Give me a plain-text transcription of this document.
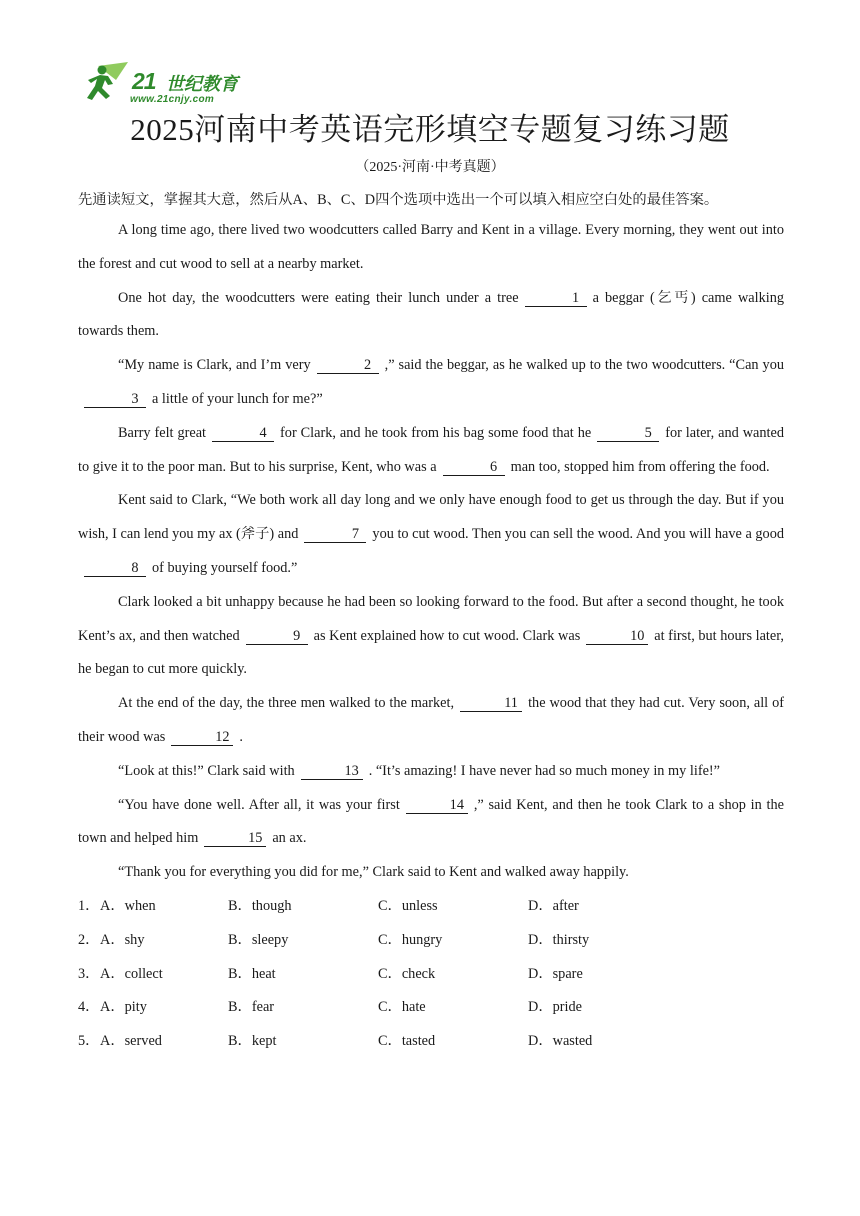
21 世纪教育
www.21cnjy.com
2025河南中考英语完形填空专题复习练习题
（2025·河南·中考真题）

先通读短文，掌握其大意，然后从A、B、C、D四个选项中选出一个可以填入相应空白处的最佳答案。

A long time ago, there lived two woodcutters called Barry and Kent in a village. Every morning, they went out into the forest and cut wood to sell at a nearby market.

One hot day, the woodcutters were eating their lunch under a tree	1 a beggar (乞丐) came walking towards them.

“My name is Clark, and I’m very	2 ,” said the beggar, as he walked up to the two woodcutters. “Can you3 a little of your lunch for me?”

Barry felt great	4 for Clark, and he took from his bag some food that he	5 for later, and wanted to give it to the poor man. But to his surprise, Kent, who was a	6 man too, stopped him from offering the food.

Kent said to Clark, “We both work all day long and we only have enough food to get us through the day. But if you wish, I can lend you my ax (斧子) and	7 you to cut wood. Then you can sell the wood. And you will have a good8 of buying yourself food.”

Clark looked a bit unhappy because he had been so looking forward to the food. But after a second thought, he took Kent’s ax, and then watched	9 as Kent explained how to cut wood. Clark was	10 at first, but hours later, he began to cut more quickly.

At the end of the day, the three men walked to the market,	11 the wood that they had cut. Very soon, all of their wood was	12 .

“Look at this!” Clark said with	13 . “It’s amazing! I have never had so much money in my life!”

“You have done well. After all, it was your first	14 ,” said Kent, and then he took Clark to a shop in the town and helped him	15 an ax.

“Thank you for everything you did for me,” Clark said to Kent and walked away happily.

1． A．when	B．though	C．unless	D．after
2． A．shy	B．sleepy	C．hungry	D．thirsty
3． A．collect	B．heat	C．check	D．spare
4． A．pity	B．fear	C．hate	D．pride
5． A．served	B．kept	C．tasted	D．wasted
